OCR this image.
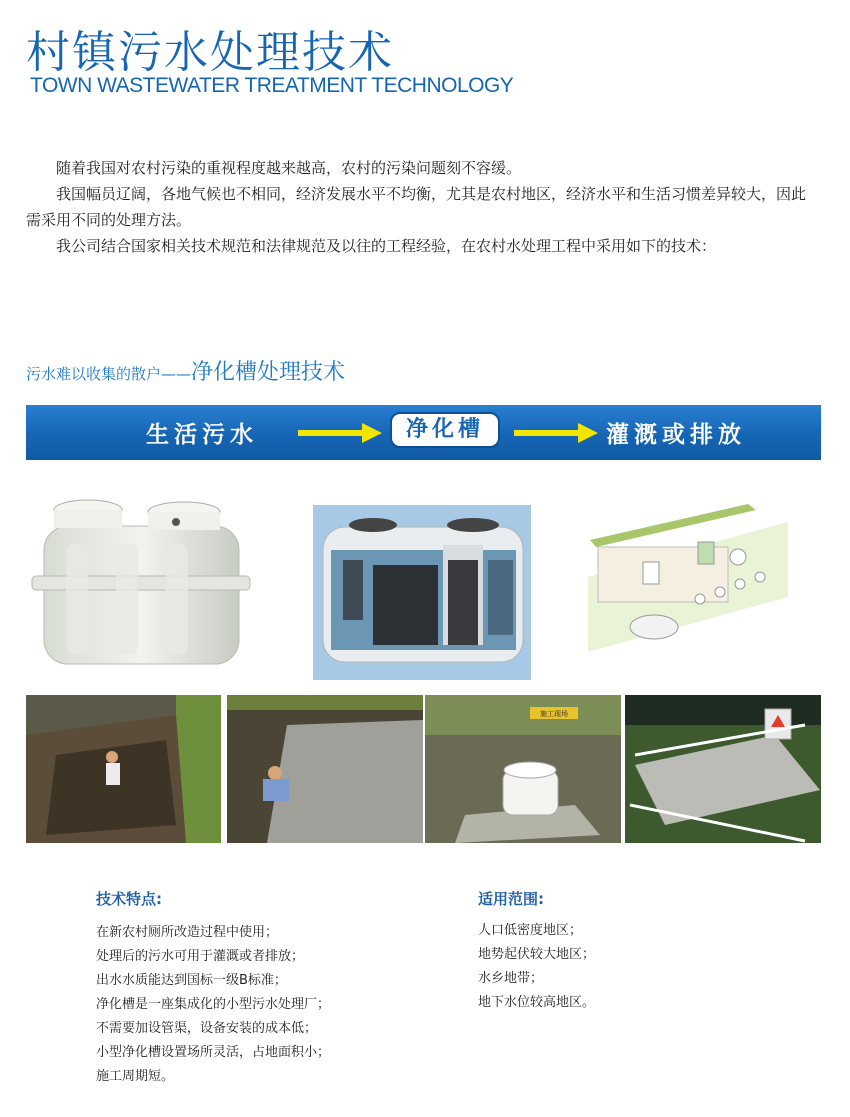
村镇污水处理技术
TOWN WASTEWATER TREATMENT TECHNOLOGY

随着我国对农村污染的重视程度越来越高，农村的污染问题刻不容缓。

我国幅员辽阔，各地气候也不相同，经济发展水平不均衡，尤其是农村地区，经济水平和生活习惯差异较大，因此需采用不同的处理方法。

我公司结合国家相关技术规范和法律规范及以往的工程经验，在农村水处理工程中采用如下的技术：

污水难以收集的散户——净化槽处理技术
生活污水	净化槽	灌溉或排放
施工现场
技术特点:
在新农村厕所改造过程中使用；
处理后的污水可用于灌溉或者排放；
出水水质能达到国标一级B标准；
净化槽是一座集成化的小型污水处理厂；
不需要加设管渠，设备安装的成本低；
小型净化槽设置场所灵活，占地面积小；
施工周期短。
适用范围:
人口低密度地区；
地势起伏较大地区；
水乡地带；
地下水位较高地区。
